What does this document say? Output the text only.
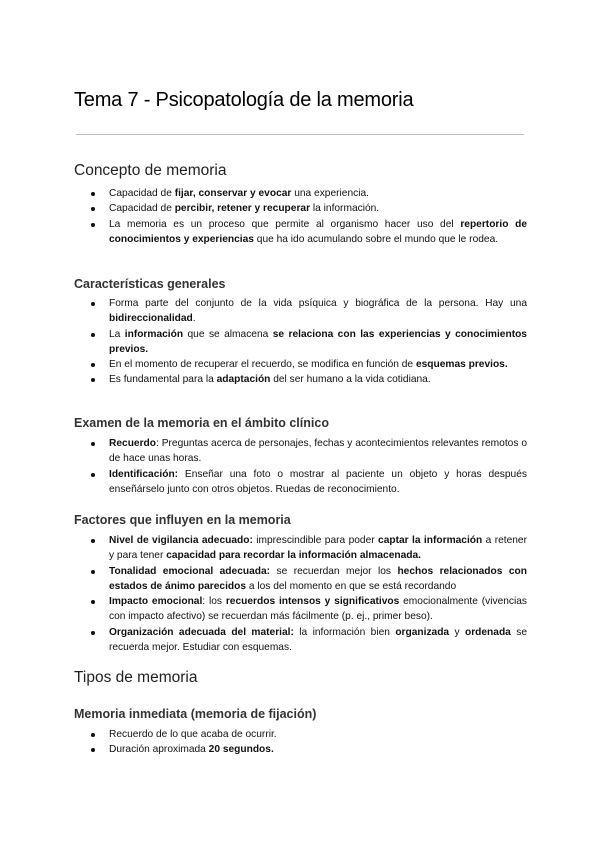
Tema 7 - Psicopatología de la memoria
Concepto de memoria
Capacidad de fijar, conservar y evocar una experiencia.
Capacidad de percibir, retener y recuperar la información.
La memoria es un proceso que permite al organismo hacer uso del repertorio de conocimientos y experiencias que ha ido acumulando sobre el mundo que le rodea.
Características generales
Forma parte del conjunto de la vida psíquica y biográfica de la persona. Hay una bidireccionalidad.
La información que se almacena se relaciona con las experiencias y conocimientos previos.
En el momento de recuperar el recuerdo, se modifica en función de esquemas previos.
Es fundamental para la adaptación del ser humano a la vida cotidiana.
Examen de la memoria en el ámbito clínico
Recuerdo: Preguntas acerca de personajes, fechas y acontecimientos relevantes remotos o de hace unas horas.
Identificación: Enseñar una foto o mostrar al paciente un objeto y horas después enseñárselo junto con otros objetos. Ruedas de reconocimiento.
Factores que influyen en la memoria
Nivel de vigilancia adecuado: imprescindible para poder captar la información a retener y para tener capacidad para recordar la información almacenada.
Tonalidad emocional adecuada: se recuerdan mejor los hechos relacionados con estados de ánimo parecidos a los del momento en que se está recordando
Impacto emocional: los recuerdos intensos y significativos emocionalmente (vivencias con impacto afectivo) se recuerdan más fácilmente (p. ej., primer beso).
Organización adecuada del material: la información bien organizada y ordenada se recuerda mejor. Estudiar con esquemas.
Tipos de memoria
Memoria inmediata (memoria de fijación)
Recuerdo de lo que acaba de ocurrir.
Duración aproximada 20 segundos.
